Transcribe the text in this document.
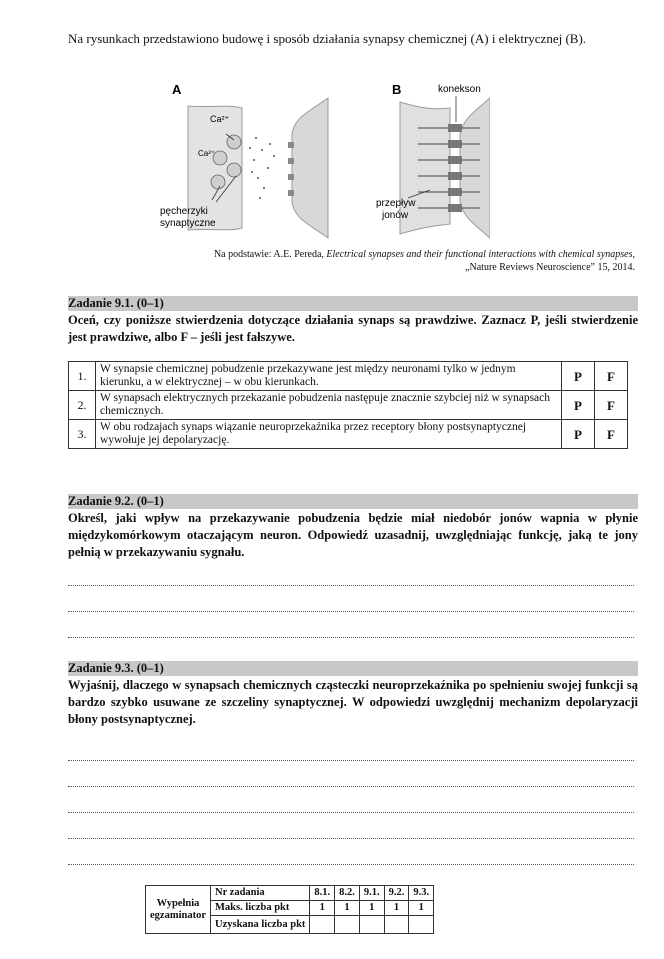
Na rysunkach przedstawiono budowę i sposób działania synapsy chemicznej (A) i elektrycznej (B).
A
Ca²⁺
Ca²⁺
pęcherzyki
synaptyczne
B	konekson
przepływ
jonów
Na podstawie: A.E. Pereda, Electrical synapses and their functional interactions with chemical synapses,
„Nature Reviews Neuroscience” 15, 2014.
Zadanie 9.1. (0–1)
Oceń, czy poniższe stwierdzenia dotyczące działania synaps są prawdziwe. Zaznacz P, jeśli stwierdzenie jest prawdziwe, albo F – jeśli jest fałszywe.
1.	W synapsie chemicznej pobudzenie przekazywane jest między neuronami tylko w jednym kierunku, a w elektrycznej – w obu kierunkach.	P	F
2.	W synapsach elektrycznych przekazanie pobudzenia następuje znacznie szybciej niż w synapsach chemicznych.	P	F
3.	W obu rodzajach synaps wiązanie neuroprzekaźnika przez receptory błony postsynaptycznej wywołuje jej depolaryzację.	P	F
Zadanie 9.2. (0–1)
Określ, jaki wpływ na przekazywanie pobudzenia będzie miał niedobór jonów wapnia w płynie międzykomórkowym otaczającym neuron. Odpowiedź uzasadnij, uwzględniając funkcję, jaką te jony pełnią w przekazywaniu sygnału.
Zadanie 9.3. (0–1)
Wyjaśnij, dlaczego w synapsach chemicznych cząsteczki neuroprzekaźnika po spełnieniu swojej funkcji są bardzo szybko usuwane ze szczeliny synaptycznej. W odpowiedzi uwzględnij mechanizm depolaryzacji błony postsynaptycznej.
Wypełnia
egzaminator	Nr zadania	8.1.	8.2.	9.1.	9.2.	9.3.
	Maks. liczba pkt	1	1	1	1	1
	Uzyskana liczba pkt					
